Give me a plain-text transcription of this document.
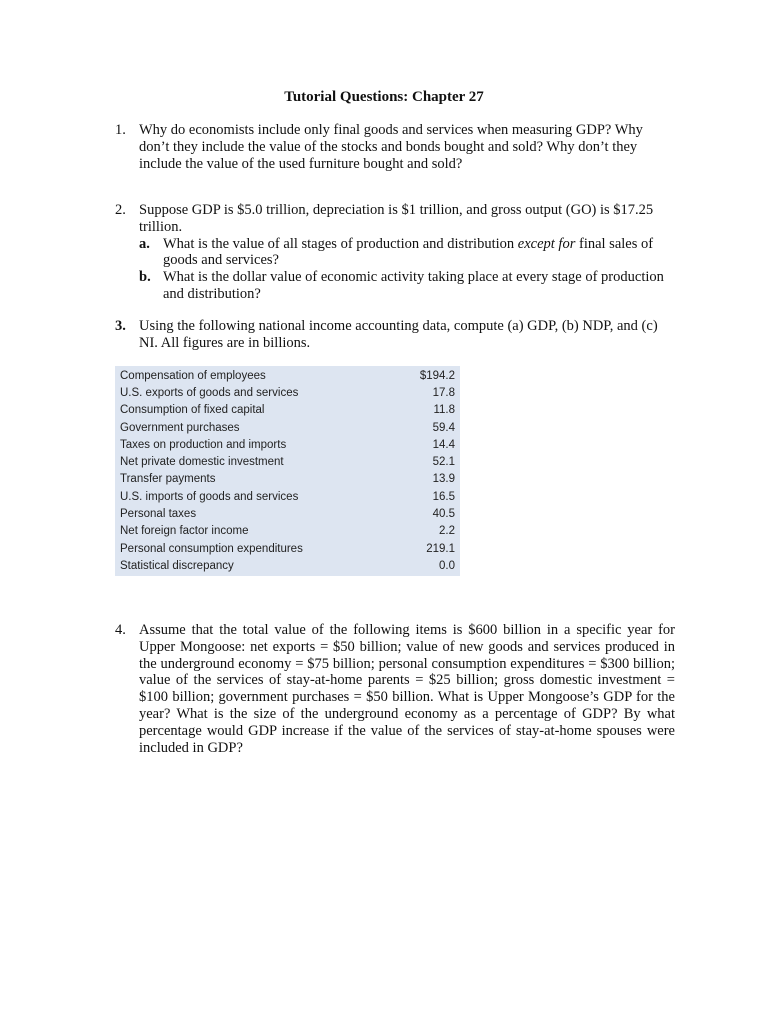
Tutorial Questions: Chapter 27
1. Why do economists include only final goods and services when measuring GDP? Why don’t they include the value of the stocks and bonds bought and sold? Why don’t they include the value of the used furniture bought and sold?
2. Suppose GDP is $5.0 trillion, depreciation is $1 trillion, and gross output (GO) is $17.25 trillion.
a. What is the value of all stages of production and distribution except for final sales of goods and services?
b. What is the dollar value of economic activity taking place at every stage of production and distribution?
3. Using the following national income accounting data, compute (a) GDP, (b) NDP, and (c) NI. All figures are in billions.
Compensation of employees	$194.2
U.S. exports of goods and services	17.8
Consumption of fixed capital	11.8
Government purchases	59.4
Taxes on production and imports	14.4
Net private domestic investment	52.1
Transfer payments	13.9
U.S. imports of goods and services	16.5
Personal taxes	40.5
Net foreign factor income	2.2
Personal consumption expenditures	219.1
Statistical discrepancy	0.0
4. Assume that the total value of the following items is $600 billion in a specific year for Upper Mongoose: net exports = $50 billion; value of new goods and services produced in the underground economy = $75 billion; personal consumption expenditures = $300 billion; value of the services of stay-at-home parents = $25 billion; gross domestic investment = $100 billion; government purchases = $50 billion. What is Upper Mongoose’s GDP for the year? What is the size of the underground economy as a percentage of GDP? By what percentage would GDP increase if the value of the services of stay-at-home spouses were included in GDP?
